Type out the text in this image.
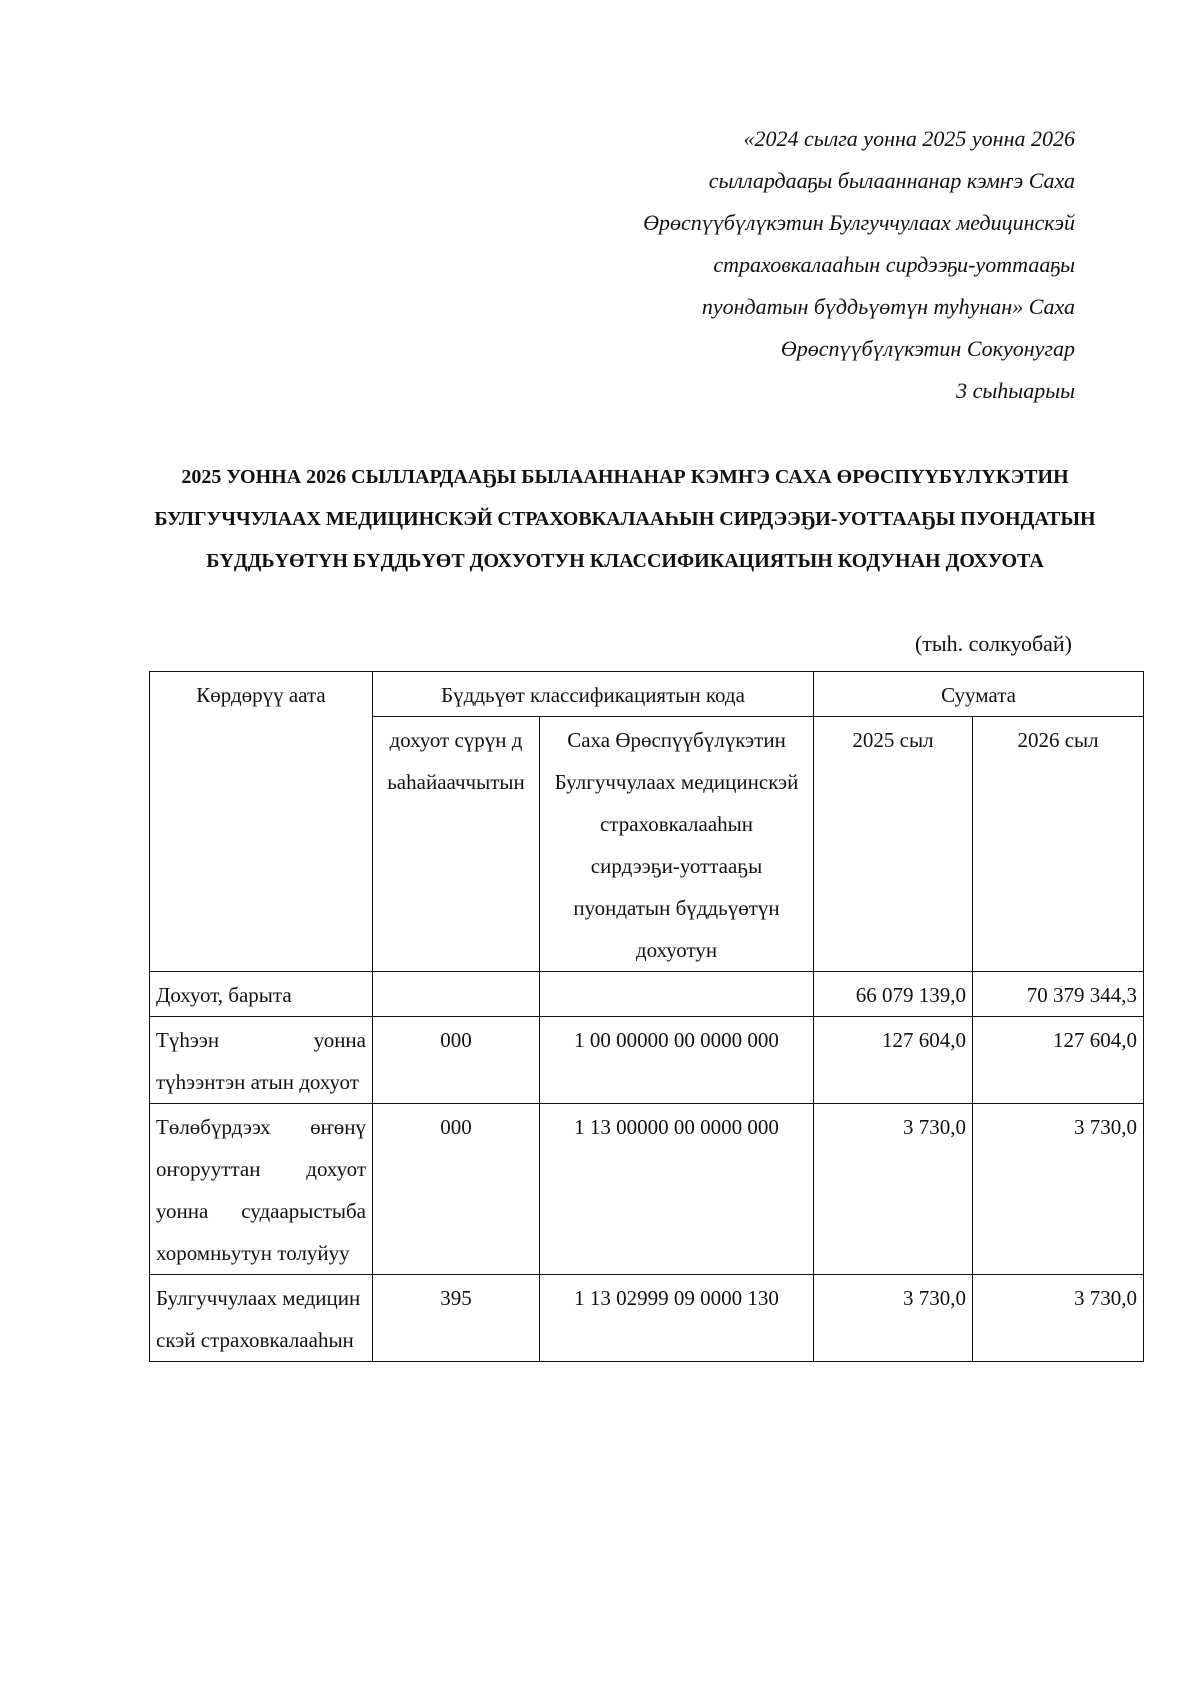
«2024 сылга уонна 2025 уонна 2026
сыллардааҕы былааннанар кэмҥэ Саха
Өрөспүүбүлүкэтин Булгуччулаах медицинскэй
страховкалааһын сирдээҕи-уоттааҕы
пуондатын бүддьүөтүн туһунан» Саха
Өрөспүүбүлүкэтин Сокуонугар
3 сыһыарыы
2025 УОННА 2026 СЫЛЛАРДААҔЫ БЫЛААННАНАР КЭМҤЭ САХА ӨРӨСПҮҮБҮЛҮКЭТИН
БУЛГУЧЧУЛААХ МЕДИЦИНСКЭЙ СТРАХОВКАЛААҺЫН СИРДЭЭҔИ-УОТТААҔЫ ПУОНДАТЫН
БҮДДЬҮӨТҮН БҮДДЬҮӨТ ДОХУОТУН КЛАССИФИКАЦИЯТЫН КОДУНАН ДОХУОТА
(тыһ. солкуобай)
Көрдөрүү аата	Бүддьүөт классификациятын кода		Суумата	

	дохуот сүрүн дьаһайааччытын	Саха Өрөспүүбүлүкэтин Булгуччулаах медицинскэй страховкалааһын сирдээҕи-уоттааҕы пуондатын бүддьүөтүн дохуотун	2025 сыл	2026 сыл
Дохуот, барыта			66 079 139,0	70 379 344,3
Түһээн уонна түһээнтэн атын дохуот	000	1 00 00000 00 0000 000	127 604,0	127 604,0
Төлөбүрдээх өҥөнү оҥорууттан дохуот уонна судаарыстыба хоромньутун толуйуу	000	1 13 00000 00 0000 000	3 730,0	3 730,0
Булгуччулаах медицинскэй страховкалааһын	395	1 13 02999 09 0000 130	3 730,0	3 730,0
